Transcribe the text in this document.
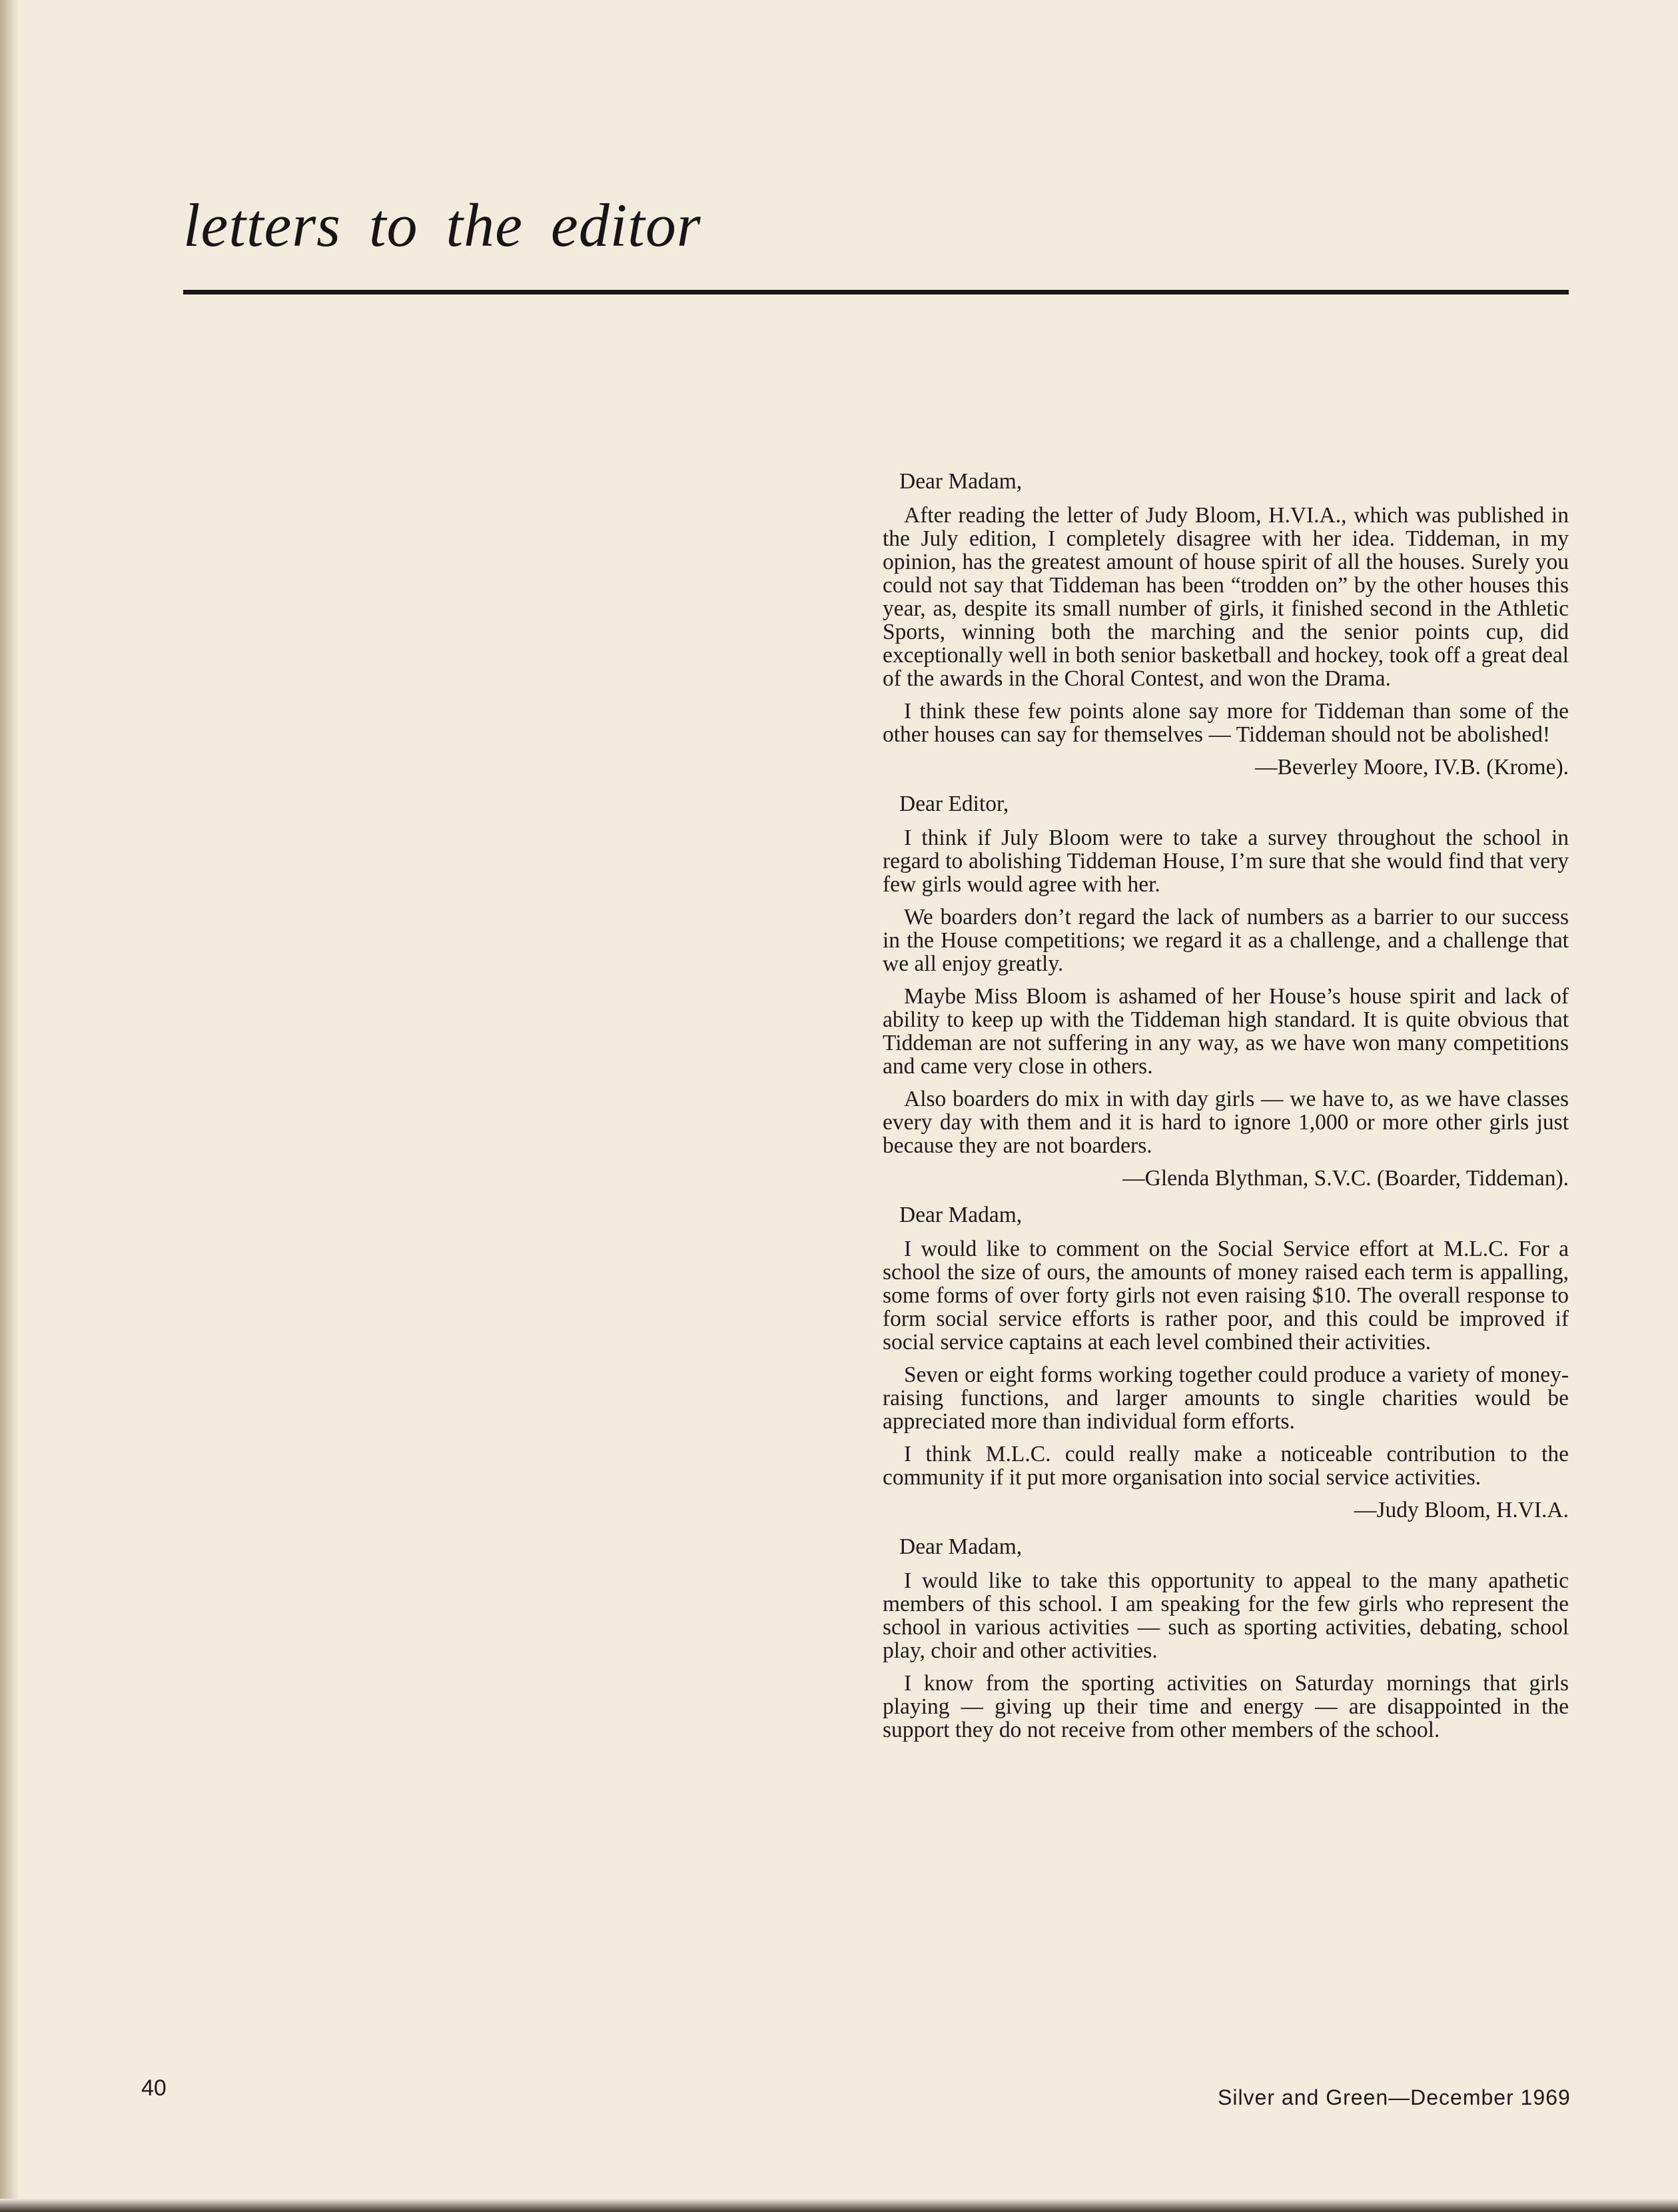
letters to the editor

Dear Madam,

After reading the letter of Judy Bloom, H.VI.A., which was published in the July edition, I completely disagree with her idea. Tiddeman, in my opinion, has the greatest amount of house spirit of all the houses. Surely you could not say that Tiddeman has been “trodden on” by the other houses this year, as, despite its small number of girls, it finished second in the Athletic Sports, winning both the marching and the senior points cup, did exceptionally well in both senior basketball and hockey, took off a great deal of the awards in the Choral Contest, and won the Drama.

I think these few points alone say more for Tiddeman than some of the other houses can say for themselves — Tiddeman should not be abolished!

—Beverley Moore, IV.B. (Krome).

Dear Editor,

I think if July Bloom were to take a survey throughout the school in regard to abolishing Tiddeman House, I’m sure that she would find that very few girls would agree with her.

We boarders don’t regard the lack of numbers as a barrier to our success in the House competitions; we regard it as a challenge, and a challenge that we all enjoy greatly.

Maybe Miss Bloom is ashamed of her House’s house spirit and lack of ability to keep up with the Tiddeman high standard. It is quite obvious that Tiddeman are not suffering in any way, as we have won many competitions and came very close in others.

Also boarders do mix in with day girls — we have to, as we have classes every day with them and it is hard to ignore 1,000 or more other girls just because they are not boarders.

—Glenda Blythman, S.V.C. (Boarder, Tiddeman).

Dear Madam,

I would like to comment on the Social Service effort at M.L.C. For a school the size of ours, the amounts of money raised each term is appalling, some forms of over forty girls not even raising $10. The overall response to form social service efforts is rather poor, and this could be improved if social service captains at each level combined their activities.

Seven or eight forms working together could produce a variety of money-raising functions, and larger amounts to single charities would be appreciated more than individual form efforts.

I think M.L.C. could really make a noticeable contribution to the community if it put more organisation into social service activities.

—Judy Bloom, H.VI.A.

Dear Madam,

I would like to take this opportunity to appeal to the many apathetic members of this school. I am speaking for the few girls who represent the school in various activities — such as sporting activities, debating, school play, choir and other activities.

I know from the sporting activities on Saturday mornings that girls playing — giving up their time and energy — are disappointed in the support they do not receive from other members of the school.

40	Silver and Green—December 1969
